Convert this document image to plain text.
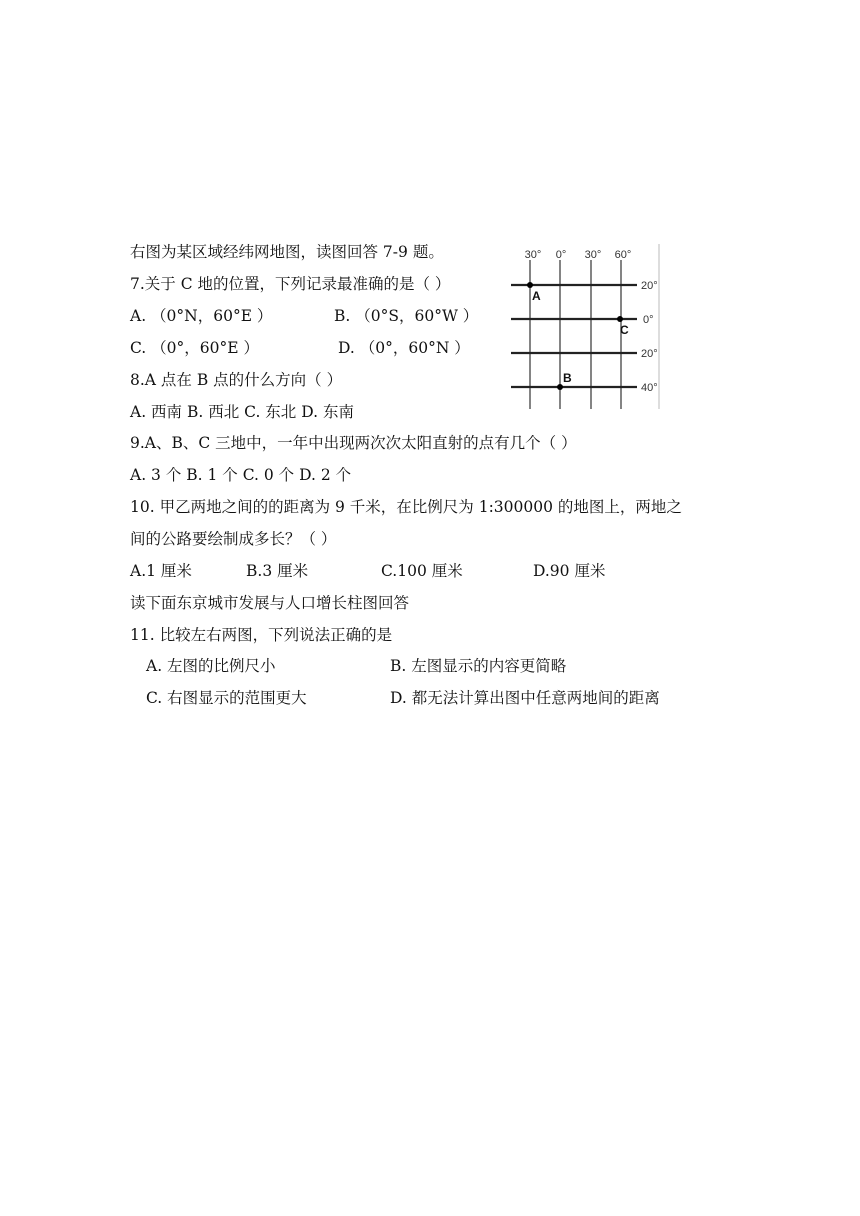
右图为某区域经纬网地图，读图回答 7-9 题。
7.关于 C 地的位置，下列记录最准确的是（ ）
A. （0°N，60°E ）	B. （0°S，60°W ）
C. （0°，60°E ）	D. （0°，60°N ）
8.A 点在 B 点的什么方向（ ）
A. 西南 B. 西北 C. 东北 D. 东南
9.A、B、C 三地中，一年中出现两次次太阳直射的点有几个（ ）
A. 3 个 B. 1 个 C. 0 个 D. 2 个
10. 甲乙两地之间的的距离为 9 千米，在比例尺为 1:300000 的地图上，两地之
间的公路要绘制成多长？（ ）
A.1 厘米	B.3 厘米	C.100 厘米	D.90 厘米
读下面东京城市发展与人口增长柱图回答
11. 比较左右两图，下列说法正确的是
A. 左图的比例尺小	B. 左图显示的内容更简略
C. 右图显示的范围更大	D. 都无法计算出图中任意两地间的距离
30° 0° 30° 60°
20°
0°
20°
40°
A
B
C
